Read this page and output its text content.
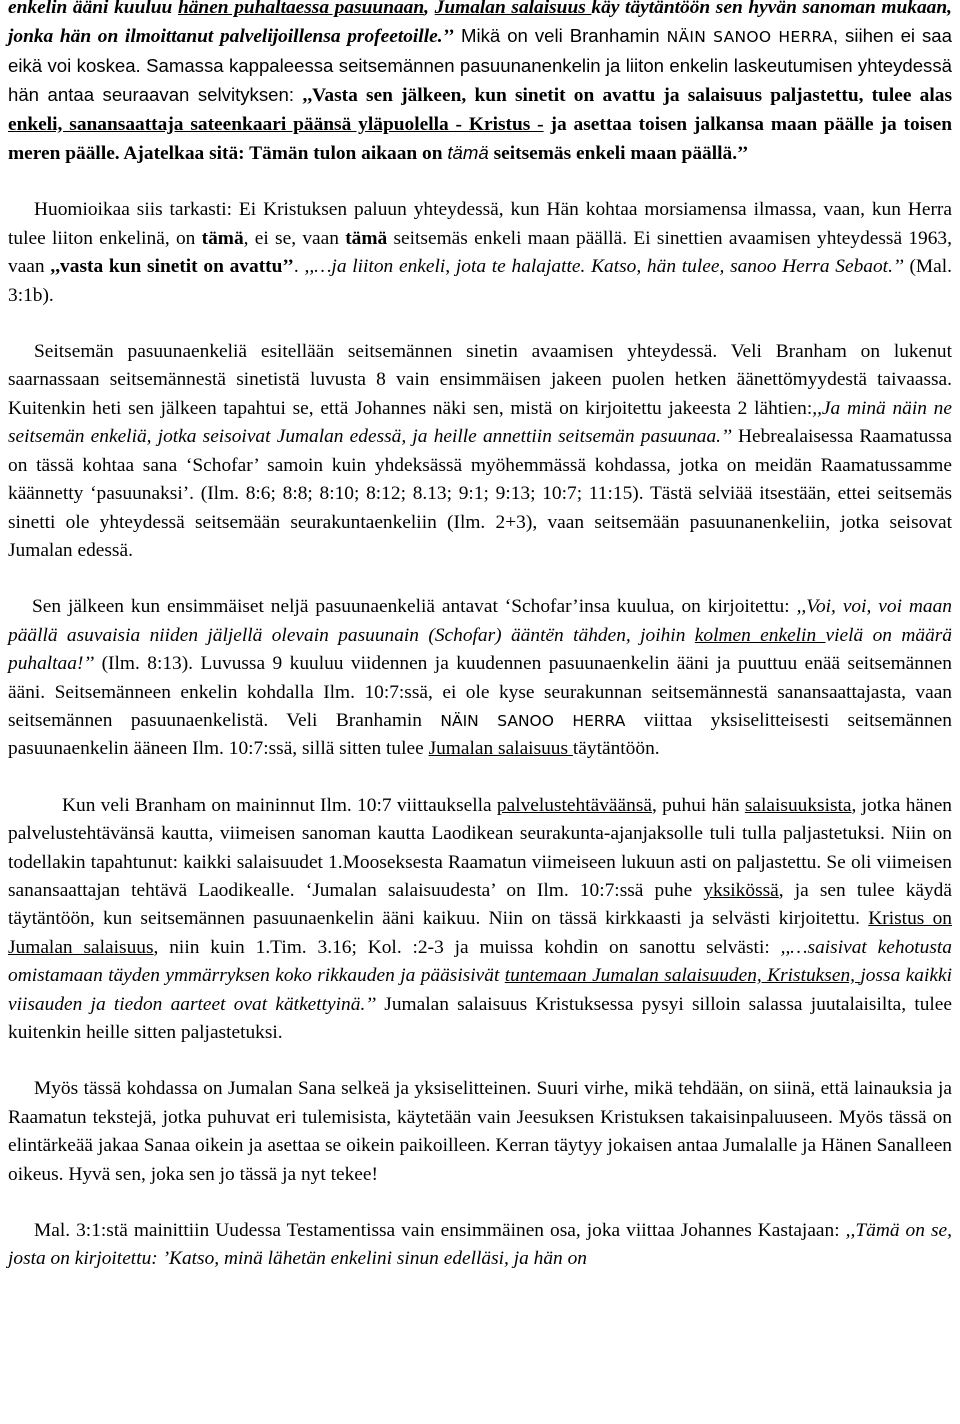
enkelin ääni kuuluu hänen puhaltaessa pasuunaan, Jumalan salaisuus käy täytäntöön sen hyvän sanoman mukaan, jonka hän on ilmoittanut palvelijoillensa profeetoille.’’ Mikä on veli Branhamin NÄIN SANOO HERRA, siihen ei saa eikä voi koskea. Samassa kappaleessa seitsemännen pasuunanenkelin ja liiton enkelin laskeutumisen yhteydessä hän antaa seuraavan selvityksen: ,,Vasta sen jälkeen, kun sinetit on avattu ja salaisuus paljastettu, tulee alas enkeli, sanansaattaja sateenkaari päänsä yläpuolella - Kristus - ja asettaa toisen jalkansa maan päälle ja toisen meren päälle. Ajatelkaa sitä: Tämän tulon aikaan on tämä seitsemäs enkeli maan päällä.’’

Huomioikaa siis tarkasti: Ei Kristuksen paluun yhteydessä, kun Hän kohtaa morsiamensa ilmassa, vaan, kun Herra tulee liiton enkelinä, on tämä, ei se, vaan tämä seitsemäs enkeli maan päällä. Ei sinettien avaamisen yhteydessä 1963, vaan ,,vasta kun sinetit on avattu’’. ,,…ja liiton enkeli, jota te halajatte. Katso, hän tulee, sanoo Herra Sebaot.’’ (Mal. 3:1b).

Seitsemän pasuunaenkeliä esitellään seitsemännen sinetin avaamisen yhteydessä. Veli Branham on lukenut saarnassaan seitsemännestä sinetistä luvusta 8 vain ensimmäisen jakeen puolen hetken äänettömyydestä taivaassa. Kuitenkin heti sen jälkeen tapahtui se, että Johannes näki sen, mistä on kirjoitettu jakeesta 2 lähtien:,,Ja minä näin ne seitsemän enkeliä, jotka seisoivat Jumalan edessä, ja heille annettiin seitsemän pasuunaa.’’ Hebrealaisessa Raamatussa on tässä kohtaa sana ‘Schofar’ samoin kuin yhdeksässä myöhemmässä kohdassa, jotka on meidän Raamatussamme käännetty ‘pasuunaksi’. (Ilm. 8:6; 8:8; 8:10; 8:12; 8.13; 9:1; 9:13; 10:7; 11:15). Tästä selviää itsestään, ettei seitsemäs sinetti ole yhteydessä seitsemään seurakuntaenkeliin (Ilm. 2+3), vaan seitsemään pasuunanenkeliin, jotka seisovat Jumalan edessä.

Sen jälkeen kun ensimmäiset neljä pasuunaenkeliä antavat ‘Schofar’insa kuulua, on kirjoitettu: ,,Voi, voi, voi maan päällä asuvaisia niiden jäljellä olevain pasuunain (Schofar) ääntën tähden, joihin kolmen enkelin vielä on määrä puhaltaa!’’ (Ilm. 8:13). Luvussa 9 kuuluu viidennen ja kuudennen pasuunaenkelin ääni ja puuttuu enää seitsemännen ääni. Seitsemänneen enkelin kohdalla Ilm. 10:7:ssä, ei ole kyse seurakunnan seitsemännestä sanansaattajasta, vaan seitsemännen pasuunaenkelistä. Veli Branhamin NÄIN SANOO HERRA viittaa yksiselitteisesti seitsemännen pasuunaenkelin ääneen Ilm. 10:7:ssä, sillä sitten tulee Jumalan salaisuus täytäntöön.

Kun veli Branham on maininnut Ilm. 10:7 viittauksella palvelustehtäväänsä, puhui hän salaisuuksista, jotka hänen palvelustehtävänsä kautta, viimeisen sanoman kautta Laodikean seurakunta-ajanjaksolle tuli tulla paljastetuksi. Niin on todellakin tapahtunut: kaikki salaisuudet 1.Mooseksesta Raamatun viimeiseen lukuun asti on paljastettu. Se oli viimeisen sanansaattajan tehtävä Laodikealle. ‘Jumalan salaisuudesta’ on Ilm. 10:7:ssä puhe yksikössä, ja sen tulee käydä täytäntöön, kun seitsemännen pasuunaenkelin ääni kaikuu. Niin on tässä kirkkaasti ja selvästi kirjoitettu. Kristus on Jumalan salaisuus, niin kuin 1.Tim. 3.16; Kol. :2-3 ja muissa kohdin on sanottu selvästi: ,,…saisivat kehotusta omistamaan täyden ymmärryksen koko rikkauden ja pääsisivät tuntemaan Jumalan salaisuuden, Kristuksen, jossa kaikki viisauden ja tiedon aarteet ovat kätkettyinä.’’ Jumalan salaisuus Kristuksessa pysyi silloin salassa juutalaisilta, tulee kuitenkin heille sitten paljastetuksi.

Myös tässä kohdassa on Jumalan Sana selkeä ja yksiselitteinen. Suuri virhe, mikä tehdään, on siinä, että lainauksia ja Raamatun tekstejä, jotka puhuvat eri tulemisista, käytetään vain Jeesuksen Kristuksen takaisinpaluuseen. Myös tässä on elintärkeää jakaa Sanaa oikein ja asettaa se oikein paikoilleen. Kerran täytyy jokaisen antaa Jumalalle ja Hänen Sanalleen oikeus. Hyvä sen, joka sen jo tässä ja nyt tekee!

Mal. 3:1:stä mainittiin Uudessa Testamentissa vain ensimmäinen osa, joka viittaa Johannes Kastajaan: ,,Tämä on se, josta on kirjoitettu: ’Katso, minä lähetän enkelini sinun edelläsi, ja hän on
